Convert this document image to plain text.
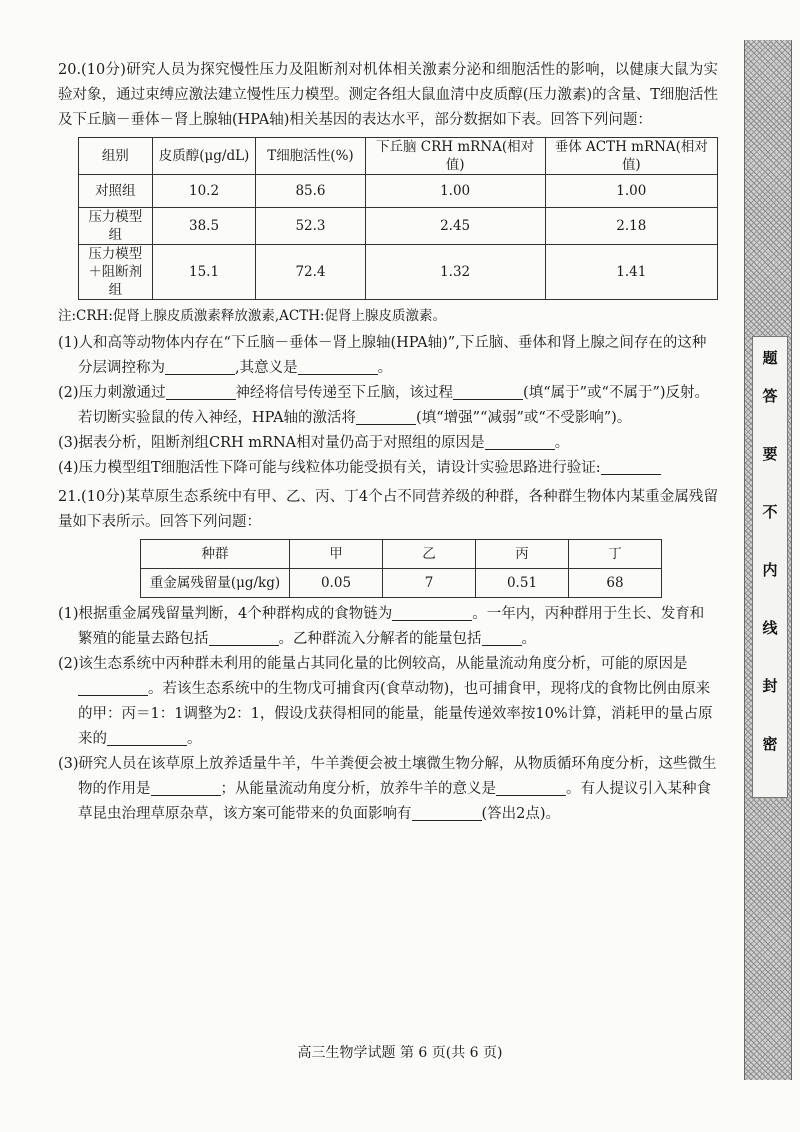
20.(10分)研究人员为探究慢性压力及阻断剂对机体相关激素分泌和细胞活性的影响，以健康大鼠为实验对象，通过束缚应激法建立慢性压力模型。测定各组大鼠血清中皮质醇(压力激素)的含量、T细胞活性及下丘脑－垂体－肾上腺轴(HPA轴)相关基因的表达水平，部分数据如下表。回答下列问题：

组别	皮质醇(μg/dL)	T细胞活性(%)	下丘脑 CRH mRNA(相对值)	垂体 ACTH mRNA(相对值)
对照组	10.2	85.6	1.00	1.00
压力模型组	38.5	52.3	2.45	2.18
压力模型＋阻断剂组	15.1	72.4	1.32	1.41

注:CRH:促肾上腺皮质激素释放激素,ACTH:促肾上腺皮质激素。

(1)人和高等动物体内存在“下丘脑－垂体－肾上腺轴(HPA轴)”,下丘脑、垂体和肾上腺之间存在的这种分层调控称为	,其意义是	。

(2)压力刺激通过	神经将信号传递至下丘脑，该过程	(填“属于”或“不属于”)反射。若切断实验鼠的传入神经，HPA轴的激活将	(填“增强”“减弱”或“不受影响”)。

(3)据表分析，阻断剂组CRH mRNA相对量仍高于对照组的原因是	。

(4)压力模型组T细胞活性下降可能与线粒体功能受损有关，请设计实验思路进行验证:

21.(10分)某草原生态系统中有甲、乙、丙、丁4个占不同营养级的种群，各种群生物体内某重金属残留量如下表所示。回答下列问题：

种群	甲	乙	丙	丁
重金属残留量(μg/kg)	0.05	7	0.51	68

(1)根据重金属残留量判断，4个种群构成的食物链为	。一年内，丙种群用于生长、发育和繁殖的能量去路包括	。乙种群流入分解者的能量包括	。

(2)该生态系统中丙种群未利用的能量占其同化量的比例较高，从能量流动角度分析，可能的原因是。若该生态系统中的生物戊可捕食丙(食草动物)，也可捕食甲，现将戊的食物比例由原来的甲：丙＝1：1调整为2：1，假设戊获得相同的能量，能量传递效率按10%计算，消耗甲的量占原来的	。

(3)研究人员在该草原上放养适量牛羊，牛羊粪便会被土壤微生物分解，从物质循环角度分析，这些微生物的作用是	；从能量流动角度分析，放养牛羊的意义是	。有人提议引入某种食草昆虫治理草原杂草，该方案可能带来的负面影响有	(答出2点)。

高三生物学试题 第 6 页(共 6 页)
密
封
线
内
不
要
答
题
